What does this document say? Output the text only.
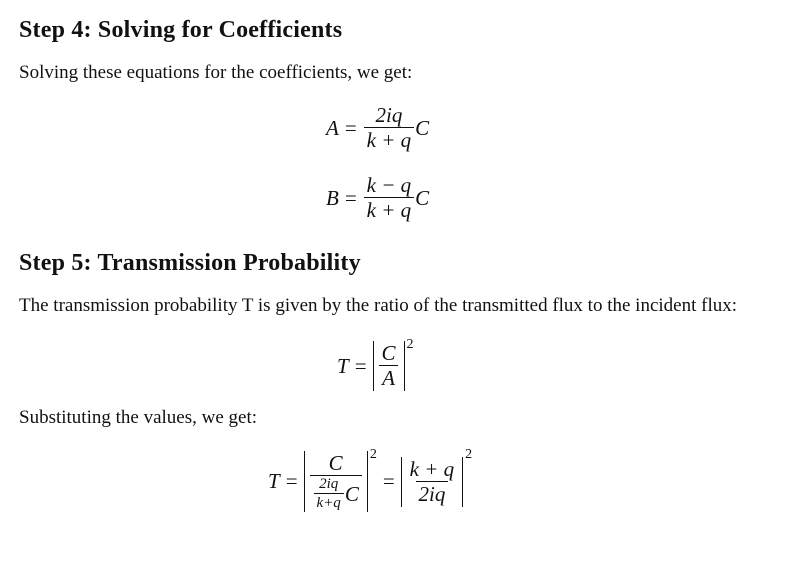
Step 4: Solving for Coefficients

Solving these equations for the coefficients, we get:

$A = \frac{2iq}{k + q}$ C
$B = \frac{k - q}{k + q}$ C
Step 5: Transmission Probability

The transmission probability T is given by the ratio of the transmitted flux to the incident flux:

$T = \frac{C}{A} 2$

Substituting the values, we get:

$T = \frac{C}{\frac{2iq}{k+q} C} 2$
= $\frac{k + q}{2iq}$
2
